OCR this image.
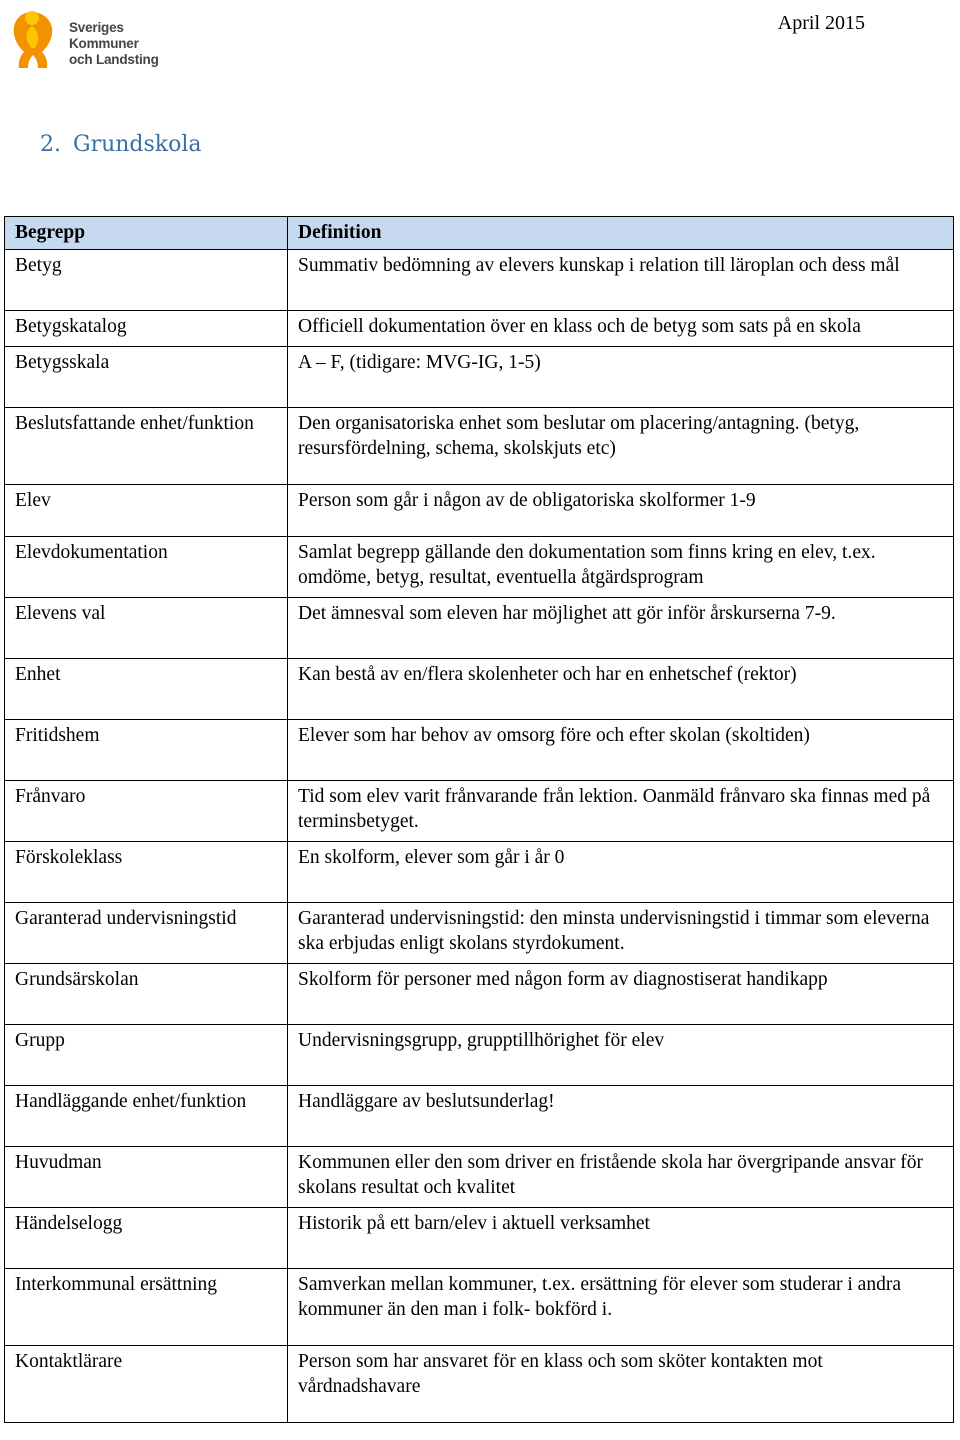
Sveriges
Kommuner
och Landsting
April 2015
2. Grundskola
Begrepp	Definition
Betyg	Summativ bedömning av elevers kunskap i relation till läroplan och dess mål
Betygskatalog	Officiell dokumentation över en klass och de betyg som sats på en skola
Betygsskala	A – F, (tidigare: MVG-IG, 1-5)
Beslutsfattande enhet/funktion	Den organisatoriska enhet som beslutar om placering/antagning. (betyg, resursfördelning, schema, skolskjuts etc)
Elev	Person som går i någon av de obligatoriska skolformer 1-9
Elevdokumentation	Samlat begrepp gällande den dokumentation som finns kring en elev, t.ex. omdöme, betyg, resultat, eventuella åtgärdsprogram
Elevens val	Det ämnesval som eleven har möjlighet att gör inför årskurserna 7-9.
Enhet	Kan bestå av en/flera skolenheter och har en enhetschef (rektor)
Fritidshem	Elever som har behov av omsorg före och efter skolan (skoltiden)
Frånvaro	Tid som elev varit frånvarande från lektion. Oanmäld frånvaro ska finnas med på terminsbetyget.
Förskoleklass	En skolform, elever som går i år 0
Garanterad undervisningstid	Garanterad undervisningstid: den minsta undervisningstid i timmar som eleverna ska erbjudas enligt skolans styrdokument.
Grundsärskolan	Skolform för personer med någon form av diagnostiserat handikapp
Grupp	Undervisningsgrupp, grupptillhörighet för elev
Handläggande enhet/funktion	Handläggare av beslutsunderlag!
Huvudman	Kommunen eller den som driver en fristående skola har övergripande ansvar för skolans resultat och kvalitet
Händelselogg	Historik på ett barn/elev i aktuell verksamhet
Interkommunal ersättning	Samverkan mellan kommuner, t.ex. ersättning för elever som studerar i andra kommuner än den man i folk- bokförd i.
Kontaktlärare	Person som har ansvaret för en klass och som sköter kontakten mot vårdnadshavare
